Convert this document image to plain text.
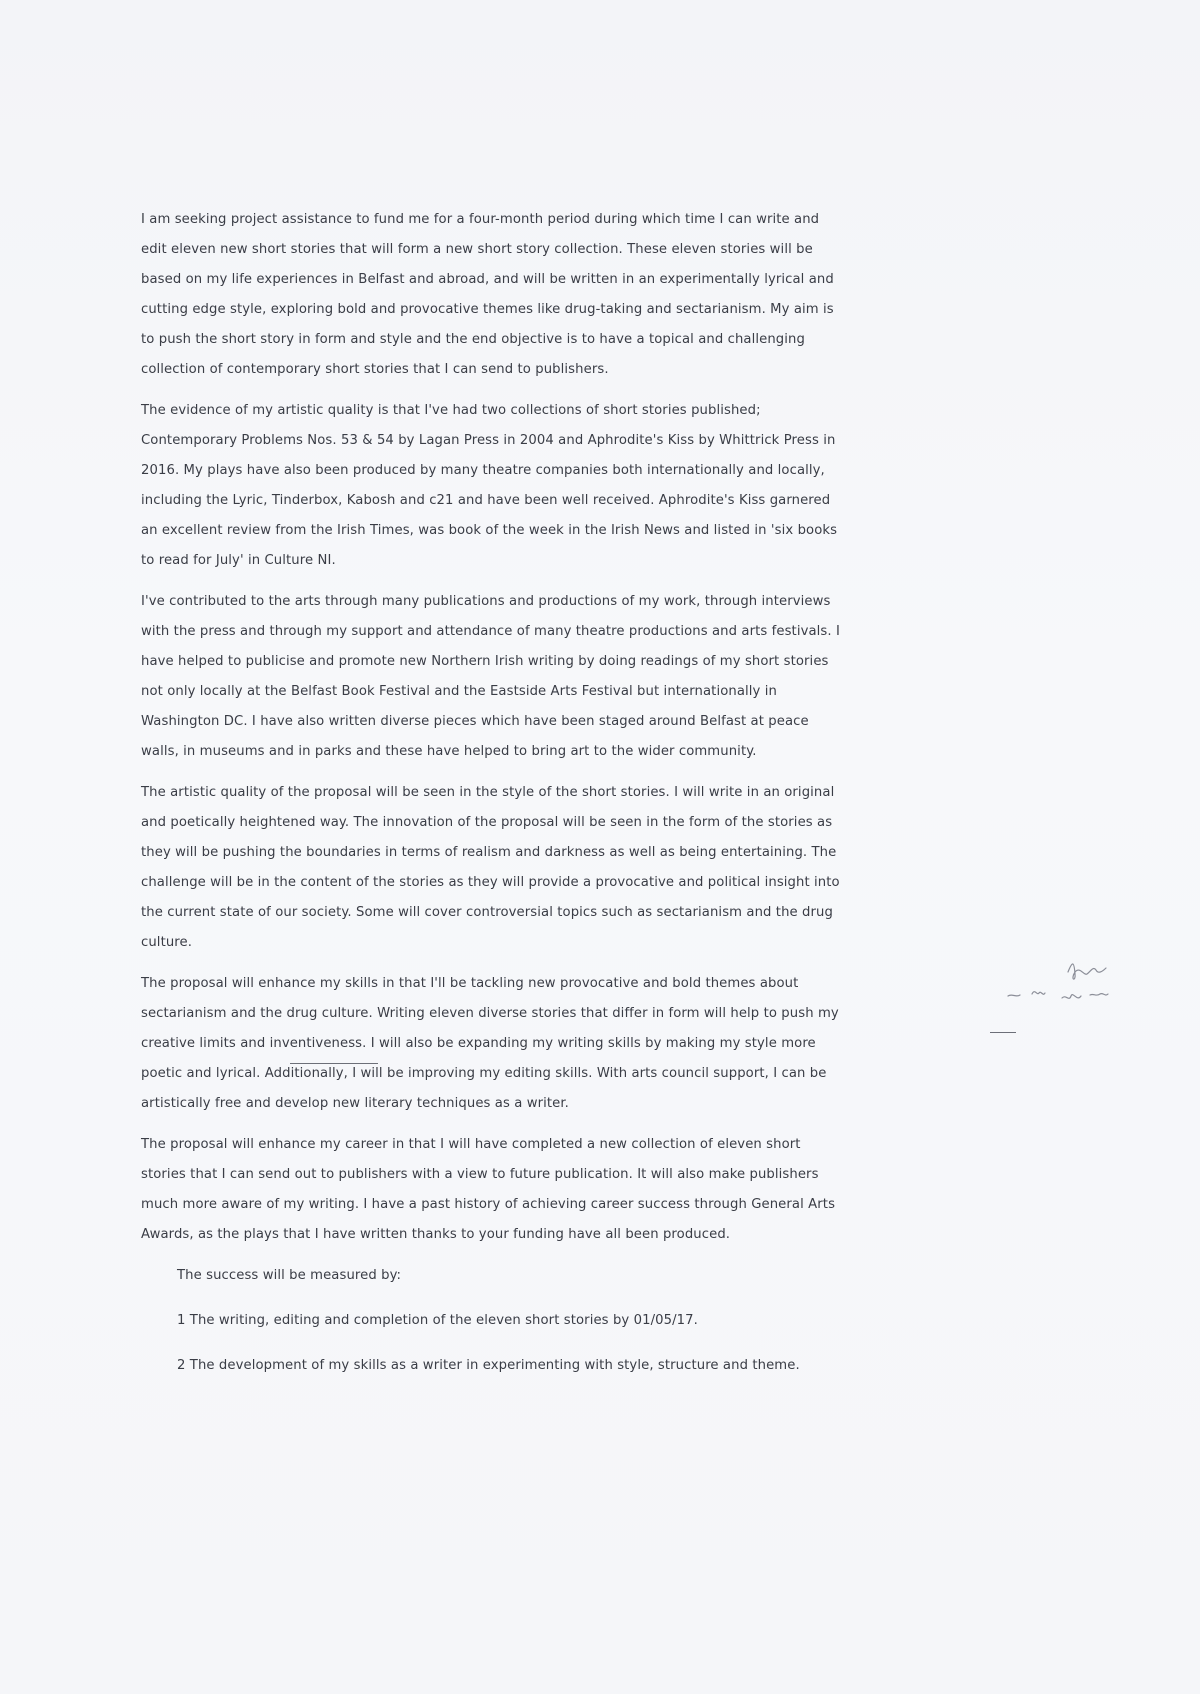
I am seeking project assistance to fund me for a four-month period during which time I can write and
edit eleven new short stories that will form a new short story collection. These eleven stories will be
based on my life experiences in Belfast and abroad, and will be written in an experimentally lyrical and
cutting edge style, exploring bold and provocative themes like drug-taking and sectarianism. My aim is
to push the short story in form and style and the end objective is to have a topical and challenging
collection of contemporary short stories that I can send to publishers.

The evidence of my artistic quality is that I've had two collections of short stories published;
Contemporary Problems Nos. 53 & 54 by Lagan Press in 2004 and Aphrodite's Kiss by Whittrick Press in
2016. My plays have also been produced by many theatre companies both internationally and locally,
including the Lyric, Tinderbox, Kabosh and c21 and have been well received. Aphrodite's Kiss garnered
an excellent review from the Irish Times, was book of the week in the Irish News and listed in 'six books
to read for July' in Culture NI.

I've contributed to the arts through many publications and productions of my work, through interviews
with the press and through my support and attendance of many theatre productions and arts festivals. I
have helped to publicise and promote new Northern Irish writing by doing readings of my short stories
not only locally at the Belfast Book Festival and the Eastside Arts Festival but internationally in
Washington DC. I have also written diverse pieces which have been staged around Belfast at peace
walls, in museums and in parks and these have helped to bring art to the wider community.

The artistic quality of the proposal will be seen in the style of the short stories. I will write in an original
and poetically heightened way. The innovation of the proposal will be seen in the form of the stories as
they will be pushing the boundaries in terms of realism and darkness as well as being entertaining. The
challenge will be in the content of the stories as they will provide a provocative and political insight into
the current state of our society. Some will cover controversial topics such as sectarianism and the drug
culture.

The proposal will enhance my skills in that I'll be tackling new provocative and bold themes about
sectarianism and the drug culture. Writing eleven diverse stories that differ in form will help to push my
creative limits and inventiveness. I will also be expanding my writing skills by making my style more
poetic and lyrical. Additionally, I will be improving my editing skills. With arts council support, I can be
artistically free and develop new literary techniques as a writer.

The proposal will enhance my career in that I will have completed a new collection of eleven short
stories that I can send out to publishers with a view to future publication. It will also make publishers
much more aware of my writing. I have a past history of achieving career success through General Arts
Awards, as the plays that I have written thanks to your funding have all been produced.

The success will be measured by:

1 The writing, editing and completion of the eleven short stories by 01/05/17.

2 The development of my skills as a writer in experimenting with style, structure and theme.
